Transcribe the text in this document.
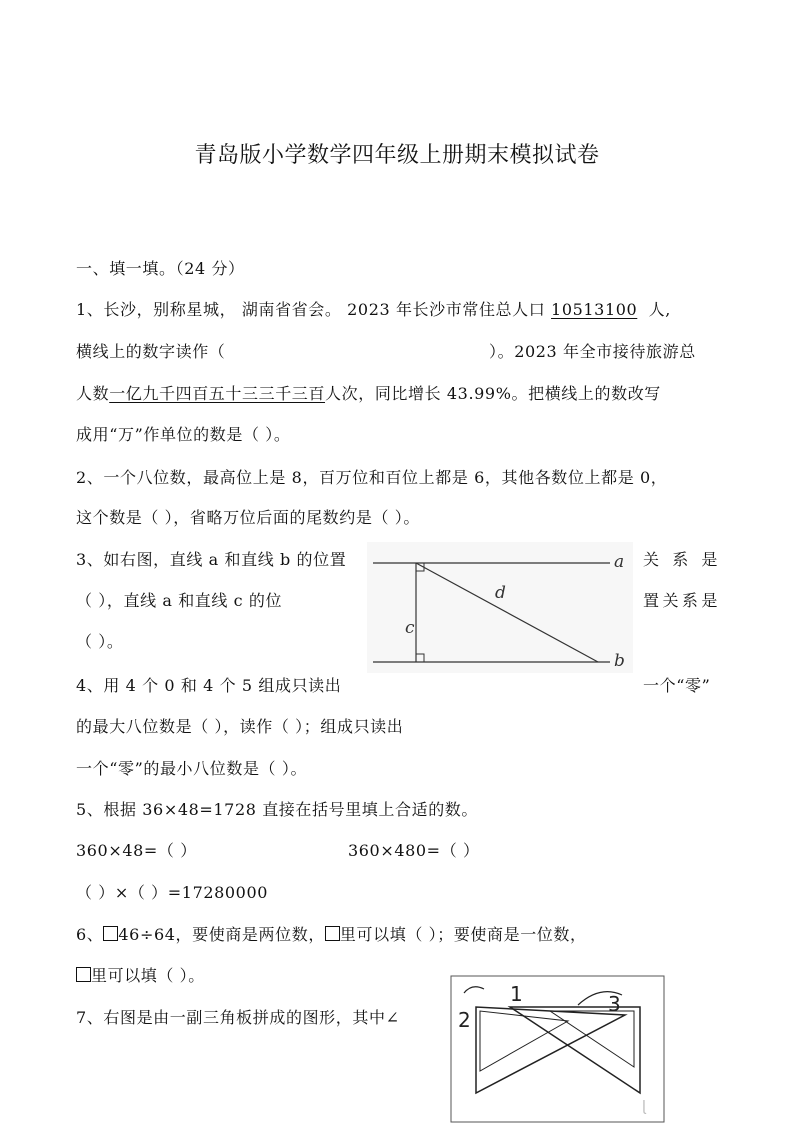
青岛版小学数学四年级上册期末模拟试卷
一、填一填。（24 分）
1、长沙，别称星城， 湖南省省会。 2023 年长沙市常住总人口 10513100 人,
横线上的数字读作（	）。2023 年全市接待旅游总
人数一亿九千四百五十三三千三百人次，同比增长 43.99%。把横线上的数改写
成用“万”作单位的数是（ ）。
2、一个八位数，最高位上是 8，百万位和百位上都是 6，其他各数位上都是 0，
这个数是（ ），省略万位后面的尾数约是（ ）。
3、如右图，直线 a 和直线 b 的位置	关 系 是
（ ），直线 a 和直线 c 的位	置 关 系 是
（ ）。
a
b
c
d
4、用 4 个 0 和 4 个 5 组成只读出	一个“零”
的最大八位数是（ ），读作（ ）；组成只读出
一个“零”的最小八位数是（ ）。
5、根据 36×48=1728 直接在括号里填上合适的数。
360×48=（ ）	360×480=（ ）
（ ）×（ ）=17280000
6、 46÷64，要使商是两位数， 里可以填（ ）；要使商是一位数，
里可以填（ ）。
7、右图是由一副三角板拼成的图形，其中∠
1
2
3
ɭ
